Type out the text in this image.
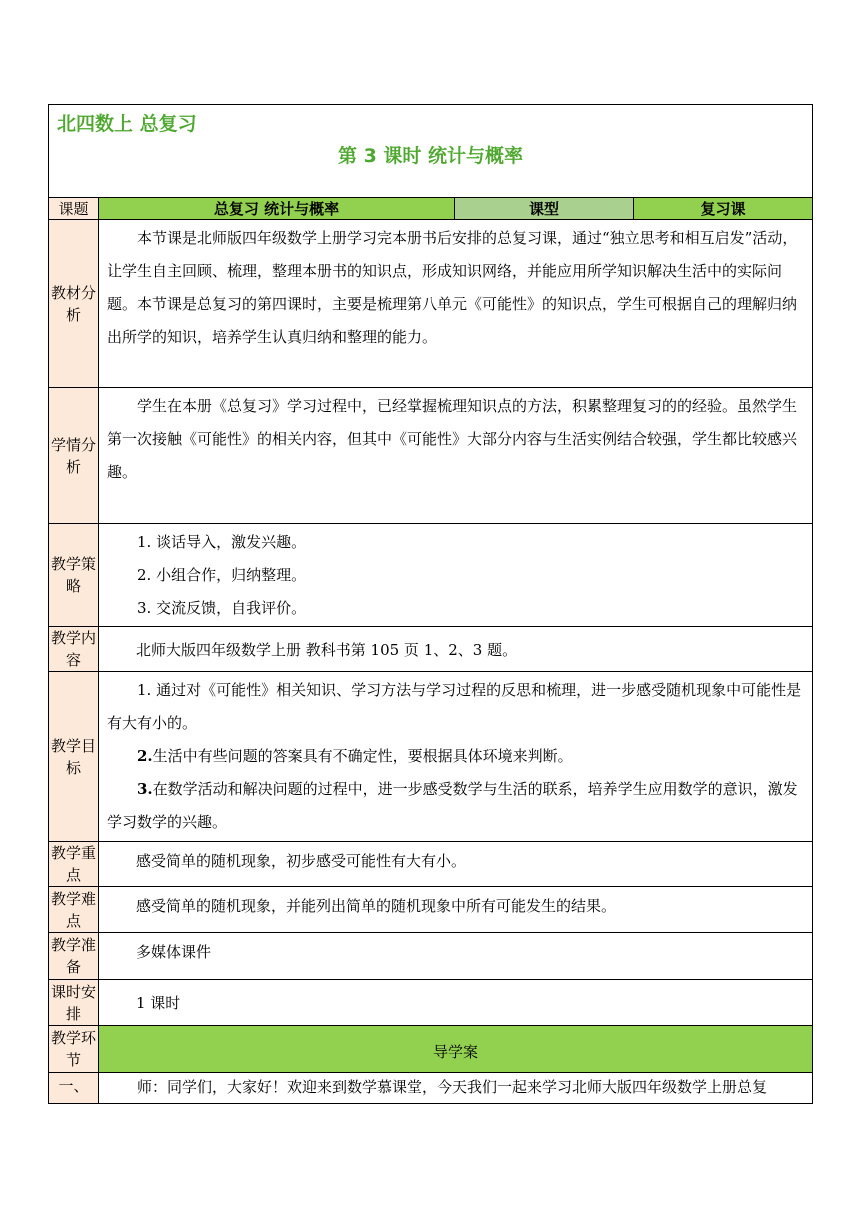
北四数上 总复习
第 3 课时 统计与概率			

课题	总复习 统计与概率	课型	复习课
教材分析	本节课是北师版四年级数学上册学习完本册书后安排的总复习课，通过“独立思考和相互启发”活动，让学生自主回顾、梳理，整理本册书的知识点，形成知识网络，并能应用所学知识解决生活中的实际问题。本节课是总复习的第四课时，主要是梳理第八单元《可能性》的知识点，学生可根据自己的理解归纳出所学的知识，培养学生认真归纳和整理的能力。		

学情分析	学生在本册《总复习》学习过程中，已经掌握梳理知识点的方法，积累整理复习的的经验。虽然学生第一次接触《可能性》的相关内容，但其中《可能性》大部分内容与生活实例结合较强，学生都比较感兴趣。		

教学策略	1. 谈话导入，激发兴趣。

2. 小组合作，归纳整理。

3. 交流反馈，自我评价。		

教学内容	北师大版四年级数学上册 教科书第 105 页 1、2、3 题。		
教学目标	1. 通过对《可能性》相关知识、学习方法与学习过程的反思和梳理，进一步感受随机现象中可能性是有大有小的。

2.生活中有些问题的答案具有不确定性，要根据具体环境来判断。

3.在数学活动和解决问题的过程中，进一步感受数学与生活的联系，培养学生应用数学的意识，激发学习数学的兴趣。		

教学重点	感受简单的随机现象，初步感受可能性有大有小。		
教学难点	感受简单的随机现象，并能列出简单的随机现象中所有可能发生的结果。		
教学准备	多媒体课件		
课时安排	1 课时		
教学环节	导学案		
一、	师：同学们，大家好！欢迎来到数学慕课堂，今天我们一起来学习北师大版四年级数学上册总复		
